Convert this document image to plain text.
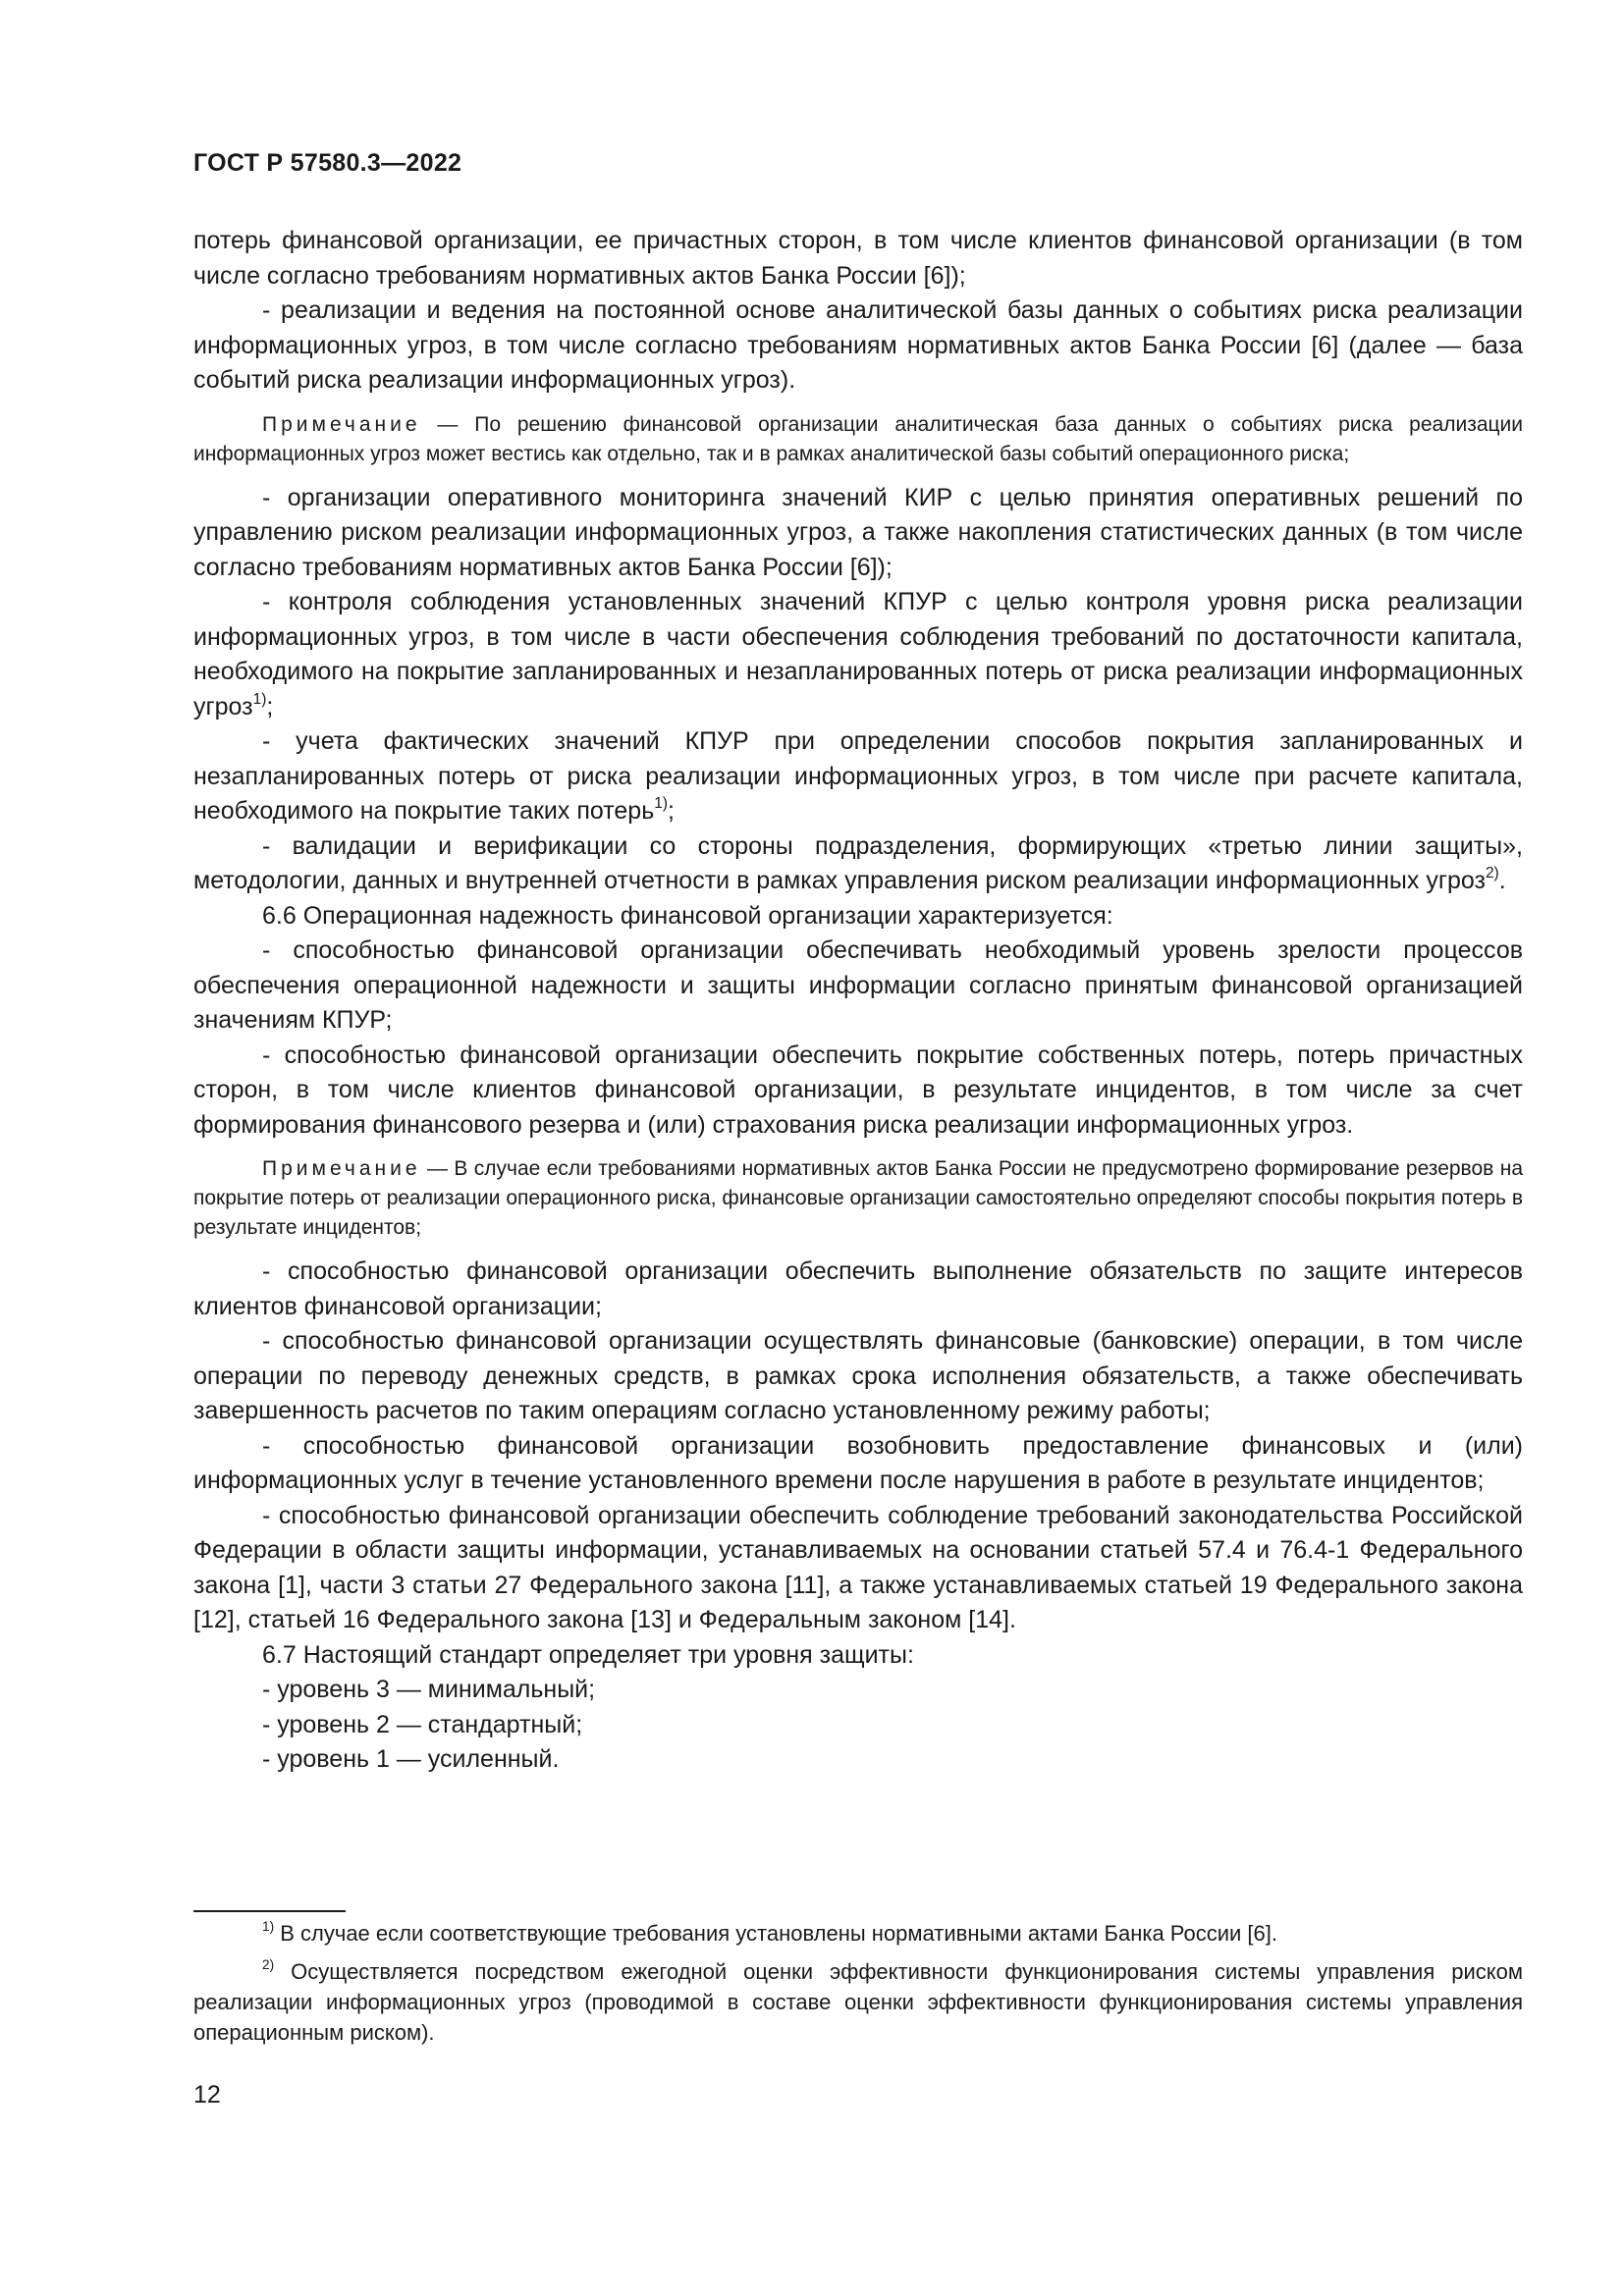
ГОСТ Р 57580.3—2022

потерь финансовой организации, ее причастных сторон, в том числе клиентов финансовой организации (в том числе согласно требованиям нормативных актов Банка России [6]);

- реализации и ведения на постоянной основе аналитической базы данных о событиях риска реализации информационных угроз, в том числе согласно требованиям нормативных актов Банка России [6] (далее — база событий риска реализации информационных угроз).

Примечание — По решению финансовой организации аналитическая база данных о событиях риска реализации информационных угроз может вестись как отдельно, так и в рамках аналитической базы событий операционного риска;

- организации оперативного мониторинга значений КИР с целью принятия оперативных решений по управлению риском реализации информационных угроз, а также накопления статистических данных (в том числе согласно требованиям нормативных актов Банка России [6]);

- контроля соблюдения установленных значений КПУР с целью контроля уровня риска реализации информационных угроз, в том числе в части обеспечения соблюдения требований по достаточности капитала, необходимого на покрытие запланированных и незапланированных потерь от риска реализации информационных угроз$^{1)}$;

- учета фактических значений КПУР при определении способов покрытия запланированных и незапланированных потерь от риска реализации информационных угроз, в том числе при расчете капитала, необходимого на покрытие таких потерь$^{1)}$;

- валидации и верификации со стороны подразделения, формирующих «третью линии защиты», методологии, данных и внутренней отчетности в рамках управления риском реализации информационных угроз$^{2)}$.

6.6 Операционная надежность финансовой организации характеризуется:

- способностью финансовой организации обеспечивать необходимый уровень зрелости процессов обеспечения операционной надежности и защиты информации согласно принятым финансовой организацией значениям КПУР;

- способностью финансовой организации обеспечить покрытие собственных потерь, потерь причастных сторон, в том числе клиентов финансовой организации, в результате инцидентов, в том числе за счет формирования финансового резерва и (или) страхования риска реализации информационных угроз.

Примечание — В случае если требованиями нормативных актов Банка России не предусмотрено формирование резервов на покрытие потерь от реализации операционного риска, финансовые организации самостоятельно определяют способы покрытия потерь в результате инцидентов;

- способностью финансовой организации обеспечить выполнение обязательств по защите интересов клиентов финансовой организации;

- способностью финансовой организации осуществлять финансовые (банковские) операции, в том числе операции по переводу денежных средств, в рамках срока исполнения обязательств, а также обеспечивать завершенность расчетов по таким операциям согласно установленному режиму работы;

- способностью финансовой организации возобновить предоставление финансовых и (или) информационных услуг в течение установленного времени после нарушения в работе в результате инцидентов;

- способностью финансовой организации обеспечить соблюдение требований законодательства Российской Федерации в области защиты информации, устанавливаемых на основании статьей 57.4 и 76.4-1 Федерального закона [1], части 3 статьи 27 Федерального закона [11], а также устанавливаемых статьей 19 Федерального закона [12], статьей 16 Федерального закона [13] и Федеральным законом [14].

6.7 Настоящий стандарт определяет три уровня защиты:

- уровень 3 — минимальный;

- уровень 2 — стандартный;

- уровень 1 — усиленный.

$^{1)}$ В случае если соответствующие требования установлены нормативными актами Банка России [6].

$^{2)}$ Осуществляется посредством ежегодной оценки эффективности функционирования системы управления риском реализации информационных угроз (проводимой в составе оценки эффективности функционирования системы управления операционным риском).

12
